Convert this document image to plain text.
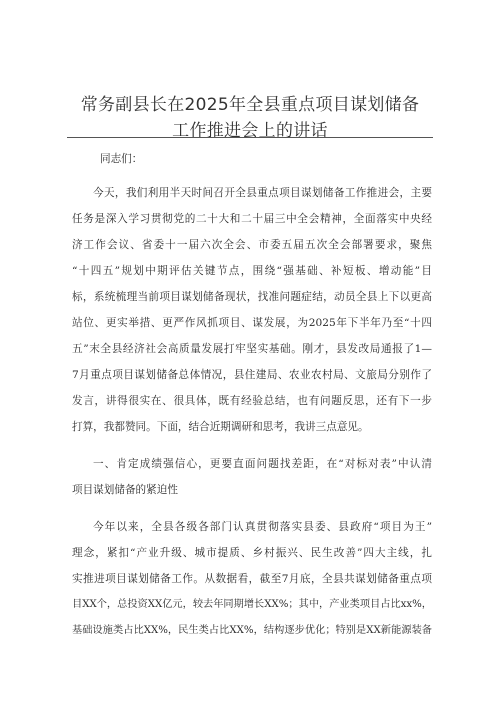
常务副县长在2025年全县重点项目谋划储备
工作推进会上的讲话

同志们：

今天，我们利用半天时间召开全县重点项目谋划储备工作推进会，主要

任务是深入学习贯彻党的二十大和二十届三中全会精神，全面落实中央经

济工作会议、省委十一届六次全会、市委五届五次全会部署要求，聚焦

“十四五”规划中期评估关键节点，围绕“强基础、补短板、增动能”目

标，系统梳理当前项目谋划储备现状，找准问题症结，动员全县上下以更高

站位、更实举措、更严作风抓项目、谋发展，为2025年下半年乃至“十四

五”末全县经济社会高质量发展打牢坚实基础。刚才，县发改局通报了1—

7月重点项目谋划储备总体情况，县住建局、农业农村局、文旅局分别作了

发言，讲得很实在、很具体，既有经验总结，也有问题反思，还有下一步

打算，我都赞同。下面，结合近期调研和思考，我讲三点意见。

一、肯定成绩强信心，更要直面问题找差距，在“对标对表”中认清

项目谋划储备的紧迫性

今年以来，全县各级各部门认真贯彻落实县委、县政府“项目为王”

理念，紧扣“产业升级、城市提质、乡村振兴、民生改善”四大主线，扎

实推进项目谋划储备工作。从数据看，截至7月底，全县共谋划储备重点项

目XX个，总投资XX亿元，较去年同期增长XX%；其中，产业类项目占比xx%，

基础设施类占比XX%，民生类占比XX%，结构逐步优化；特别是XX新能源装备
